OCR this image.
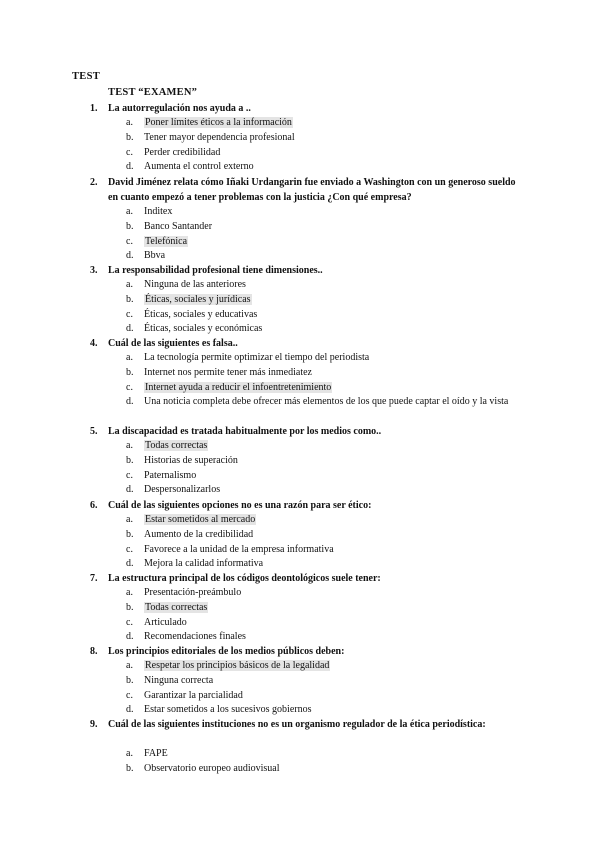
TEST
TEST “EXAMEN”
1.	La autorregulación nos ayuda a ..
a.	Poner límites éticos a la información
b.	Tener mayor dependencia profesional
c.	Perder credibilidad
d.	Aumenta el control externo
2.	David Jiménez relata cómo Iñaki Urdangarin fue enviado a Washington con un generoso sueldo en cuanto empezó a tener problemas con la justicia ¿Con qué empresa?
a.	Inditex
b.	Banco Santander
c.	Telefónica
d.	Bbva
3.	La responsabilidad profesional tiene dimensiones..
a.	Ninguna de las anteriores
b.	Éticas, sociales y jurídicas
c.	Éticas, sociales y educativas
d.	Éticas, sociales y económicas
4.	Cuál de las siguientes es falsa..
a.	La tecnología permite optimizar el tiempo del periodista
b.	Internet nos permite tener más inmediatez
c.	Internet ayuda a reducir el infoentretenimiento
d.	Una noticia completa debe ofrecer más elementos de los que puede captar el oído y la vista
5.	La discapacidad es tratada habitualmente por los medios como..
a.	Todas correctas
b.	Historias de superación
c.	Paternalismo
d.	Despersonalizarlos
6.	Cuál de las siguientes opciones no es una razón para ser ético:
a.	Estar sometidos al mercado
b.	Aumento de la credibilidad
c.	Favorece a la unidad de la empresa informativa
d.	Mejora la calidad informativa
7.	La estructura principal de los códigos deontológicos suele tener:
a.	Presentación-preámbulo
b.	Todas correctas
c.	Articulado
d.	Recomendaciones finales
8.	Los principios editoriales de los medios públicos deben:
a.	Respetar los principios básicos de la legalidad
b.	Ninguna correcta
c.	Garantizar la parcialidad
d.	Estar sometidos a los sucesivos gobiernos
9.	Cuál de las siguientes instituciones no es un organismo regulador de la ética periodística:
a.	FAPE
b.	Observatorio europeo audiovisual
